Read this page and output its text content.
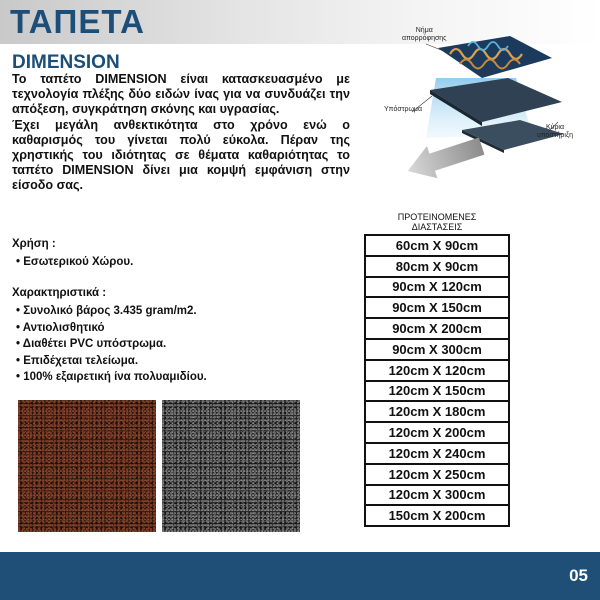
ΤΑΠΕΤΑ
DIMENSION

Το ταπέτο DIMENSION είναι κατασκευασμένο με τεχνολογία πλέξης δύο ειδών ίνας για να συνδυάζει την απόξεση, συγκράτηση σκόνης και υγρασίας.

Έχει μεγάλη ανθεκτικότητα στο χρόνο ενώ ο καθαρισμός του γίνεται πολύ εύκολα. Πέραν της χρηστικής του ιδιότητας σε θέματα καθαριότητας το ταπέτο DIMENSION δίνει μια κομψή εμφάνιση στην είσοδο σας.

Χρήση :
• Εσωτερικού Χώρου.
Χαρακτηριστικά :
• Συνολικό βάρος 3.435 gram/m2.
• Αντιολισθητικό
• Διαθέτει PVC υπόστρωμα.
• Επιδέχεται τελείωμα.
• 100% εξαιρετική ίνα πολυαμιδίου.
Νήμα
απορρόφησης
Υπόστρωμα
Κύρια
υποστήριξη
ΠΡΟΤΕΙΝΟΜΕΝΕΣ
ΔΙΑΣΤΑΣΕΙΣ
60cm X 90cm
80cm X 90cm
90cm X 120cm
90cm X 150cm
90cm X 200cm
90cm X 300cm
120cm X 120cm
120cm X 150cm
120cm X 180cm
120cm X 200cm
120cm X 240cm
120cm X 250cm
120cm X 300cm
150cm X 200cm
05
